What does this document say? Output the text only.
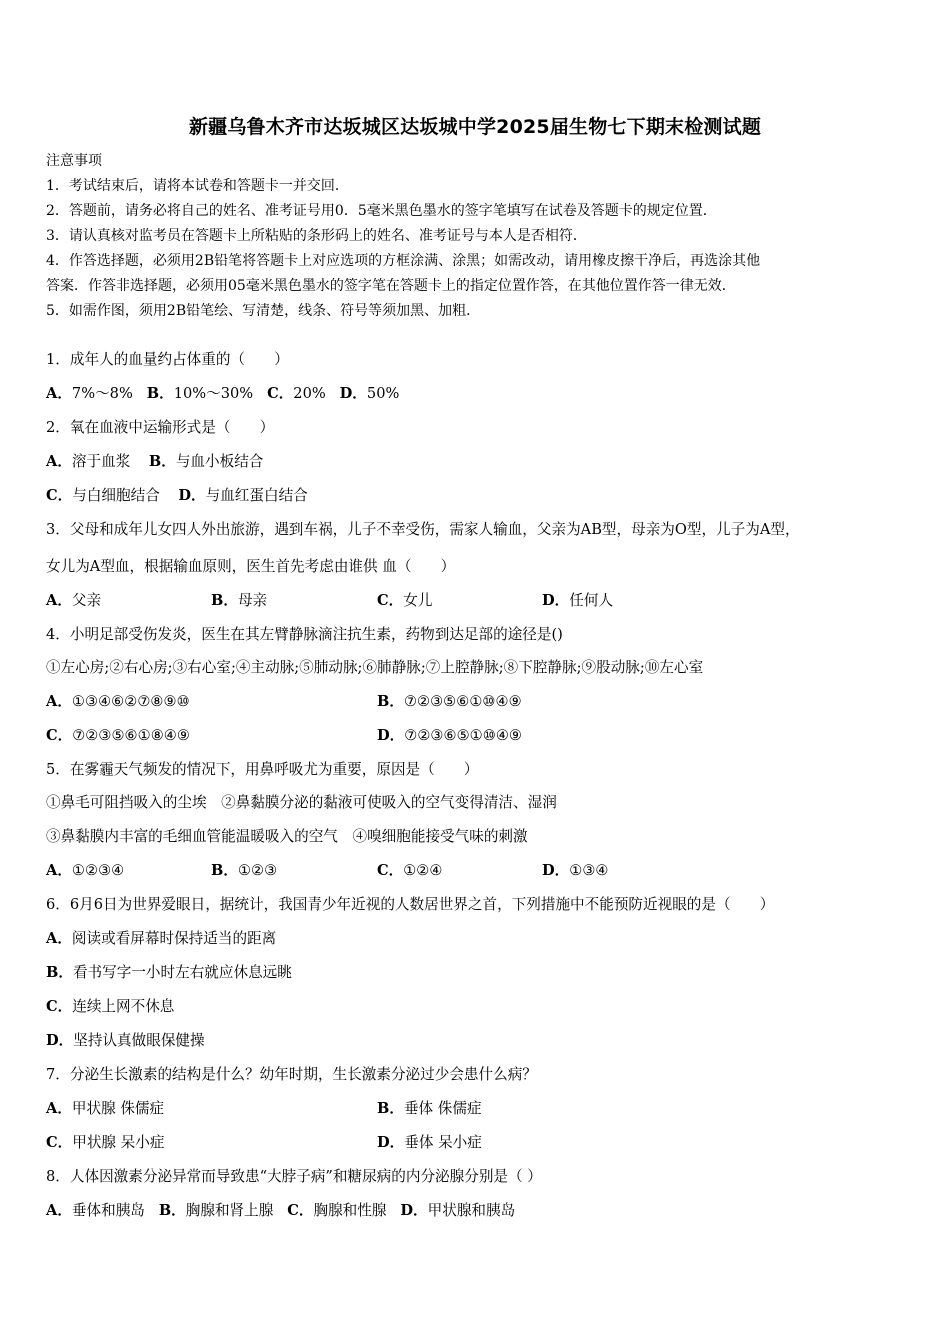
新疆乌鲁木齐市达坂城区达坂城中学2025届生物七下期末检测试题
注意事项
1．考试结束后，请将本试卷和答题卡一并交回．
2．答题前，请务必将自己的姓名、准考证号用0．5毫米黑色墨水的签字笔填写在试卷及答题卡的规定位置．
3．请认真核对监考员在答题卡上所粘贴的条形码上的姓名、准考证号与本人是否相符．
4．作答选择题，必须用2B铅笔将答题卡上对应选项的方框涂满、涂黑；如需改动，请用橡皮擦干净后，再选涂其他
答案．作答非选择题，必须用05毫米黑色墨水的签字笔在答题卡上的指定位置作答，在其他位置作答一律无效．
5．如需作图，须用2B铅笔绘、写清楚，线条、符号等须加黑、加粗．
1．成年人的血量约占体重的（　　）
A．7%～8% B．10%～30% C．20% D．50%
2．氧在血液中运输形式是（　　）
A．溶于血浆 B．与血小板结合
C．与白细胞结合 D．与血红蛋白结合
3．父母和成年儿女四人外出旅游，遇到车祸，儿子不幸受伤，需家人输血，父亲为AB型，母亲为O型，儿子为A型，
女儿为A型血，根据输血原则，医生首先考虑由谁供 血（　　）
A．父亲	B．母亲	C．女儿	D．任何人
4．小明足部受伤发炎，医生在其左臂静脉滴注抗生素，药物到达足部的途径是()
①左心房;②右心房;③右心室;④主动脉;⑤肺动脉;⑥肺静脉;⑦上腔静脉;⑧下腔静脉;⑨股动脉;⑩左心室
A．①③④⑥②⑦⑧⑨⑩	B．⑦②③⑤⑥①⑩④⑨
C．⑦②③⑤⑥①⑧④⑨	D．⑦②③⑥⑤①⑩④⑨
5．在雾霾天气频发的情况下，用鼻呼吸尤为重要，原因是（　　）
①鼻毛可阻挡吸入的尘埃　②鼻黏膜分泌的黏液可使吸入的空气变得清洁、湿润
③鼻黏膜内丰富的毛细血管能温暖吸入的空气　④嗅细胞能接受气味的刺激
A．①②③④	B．①②③	C．①②④	D．①③④
6．6月6日为世界爱眼日，据统计，我国青少年近视的人数居世界之首，下列措施中不能预防近视眼的是（　　）
A．阅读或看屏幕时保持适当的距离
B．看书写字一小时左右就应休息远眺
C．连续上网不休息
D．坚持认真做眼保健操
7．分泌生长激素的结构是什么？幼年时期，生长激素分泌过少会患什么病？
A．甲状腺 侏儒症	B．垂体 侏儒症
C．甲状腺 呆小症	D．垂体 呆小症
8．人体因激素分泌异常而导致患“大脖子病”和糖尿病的内分泌腺分别是（ ）
A．垂体和胰岛 B．胸腺和肾上腺 C．胸腺和性腺 D．甲状腺和胰岛
